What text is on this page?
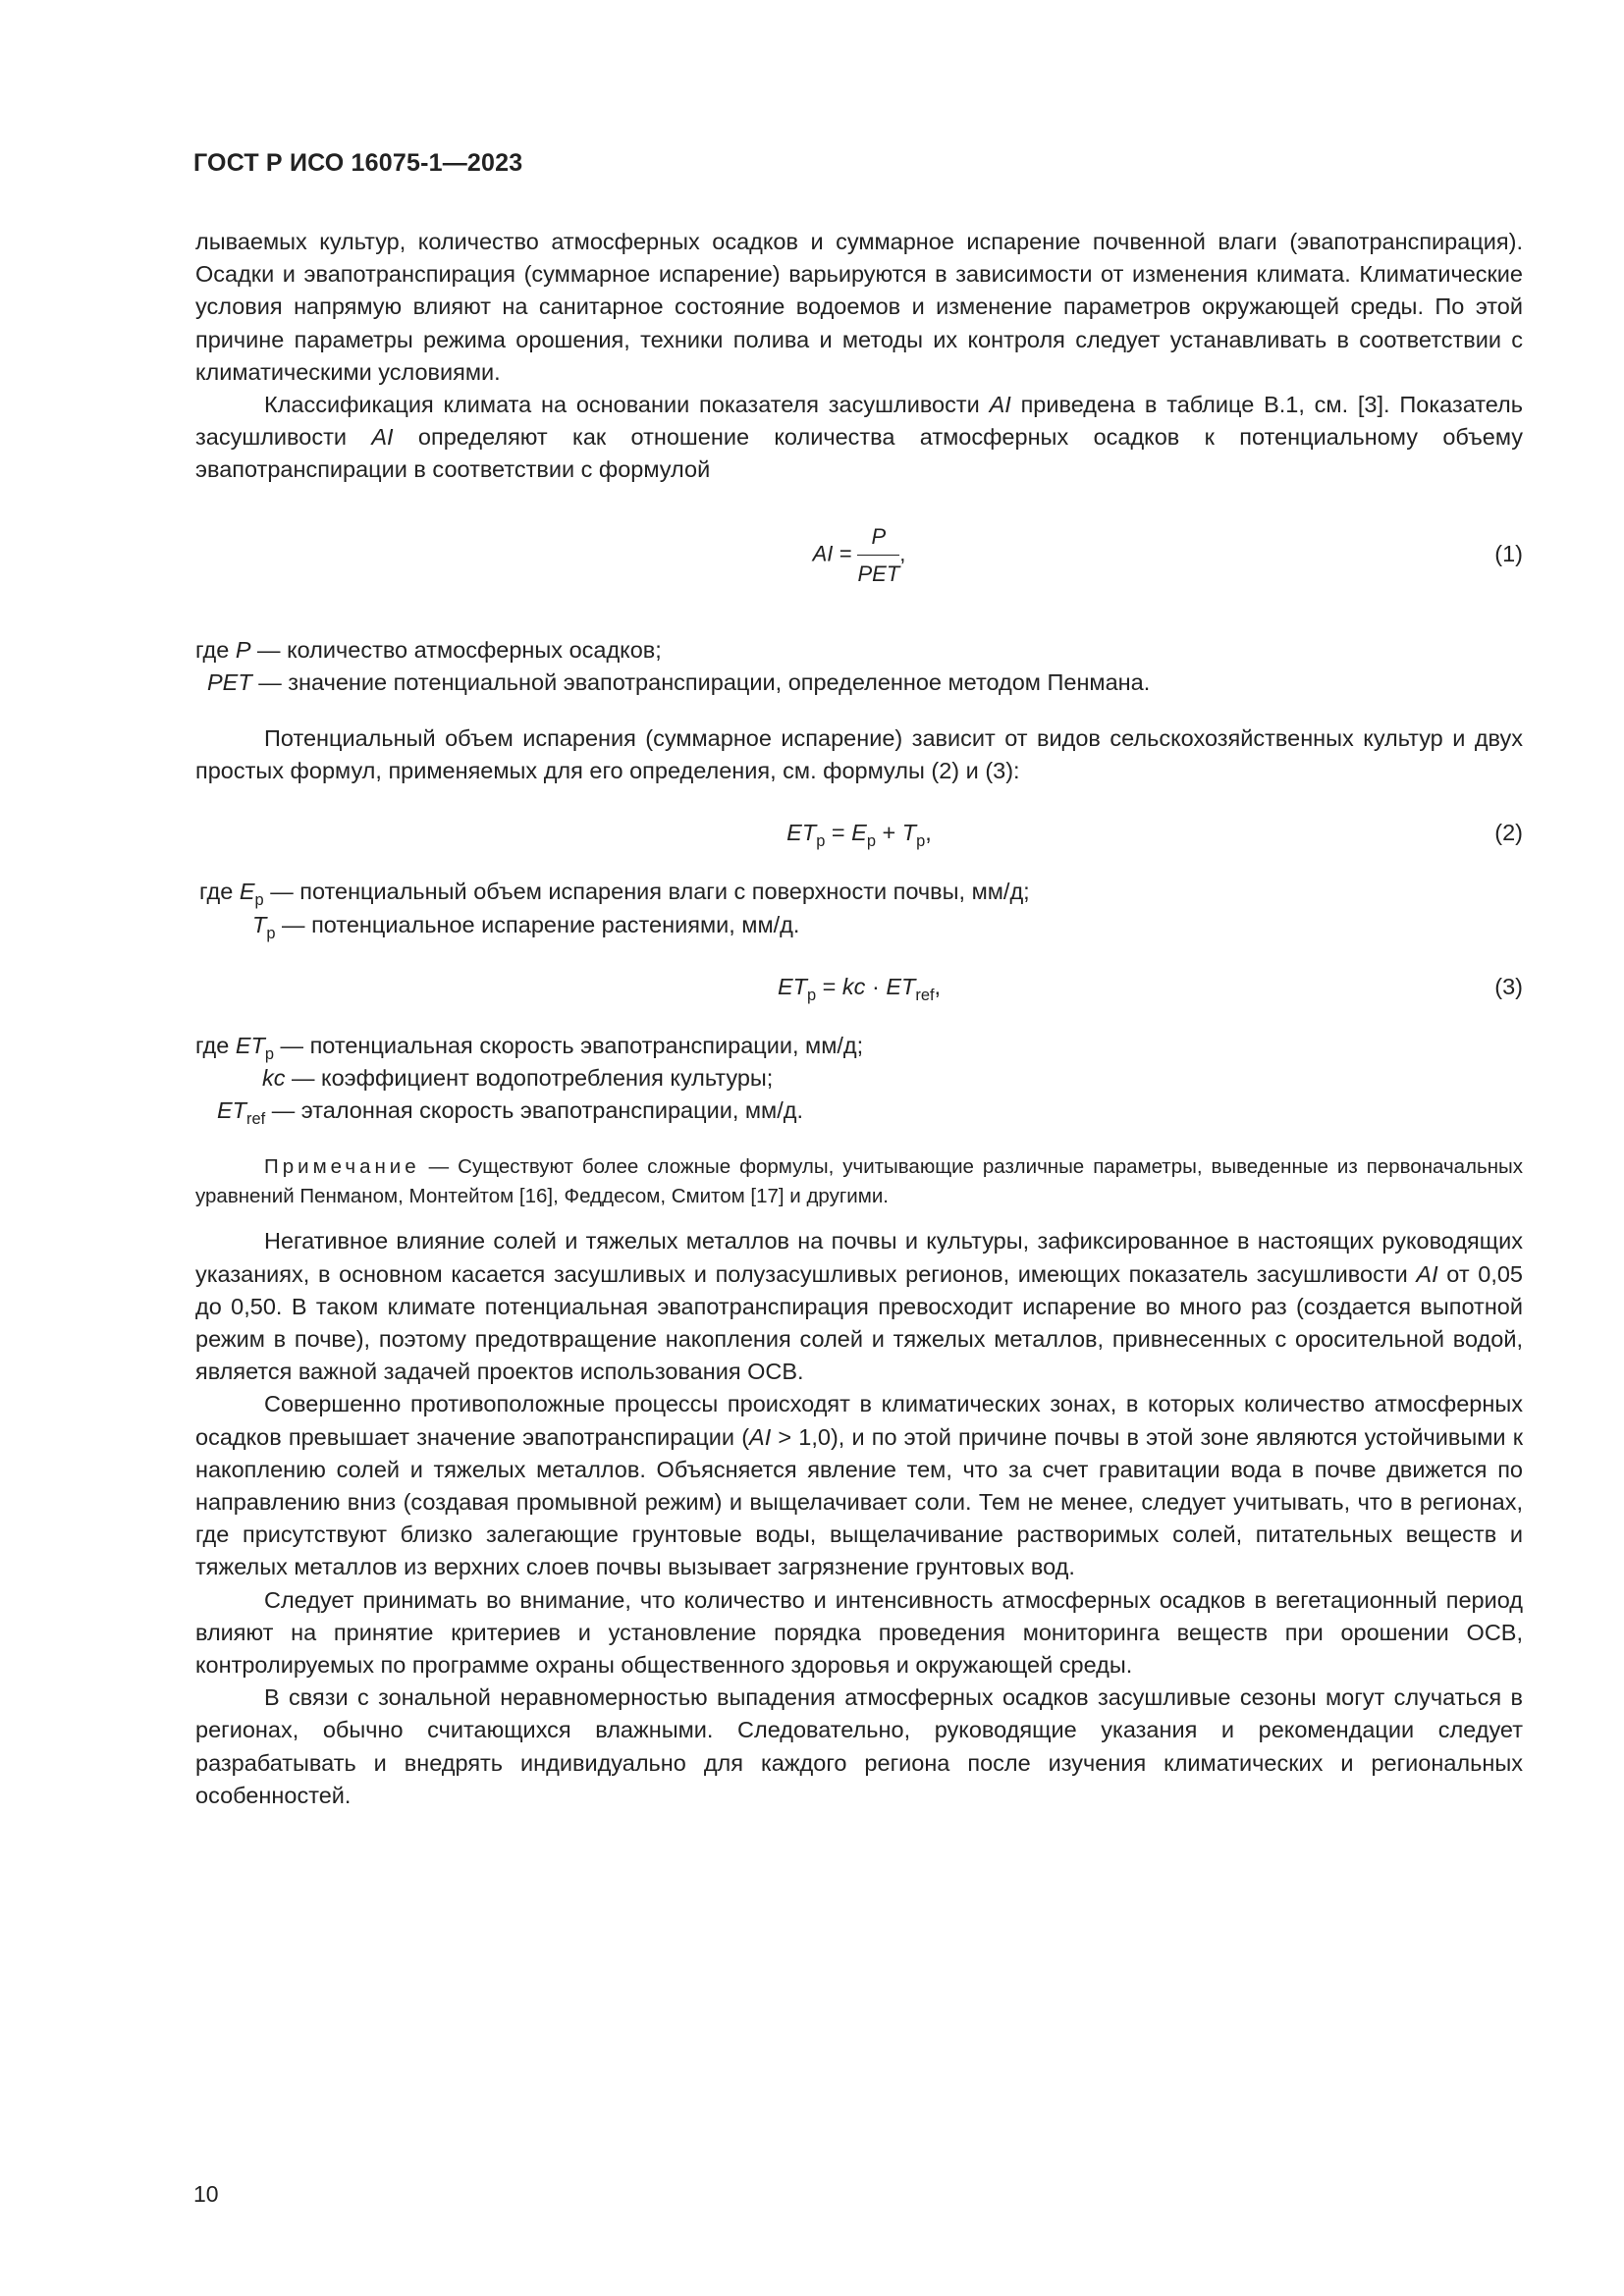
ГОСТ Р ИСО 16075-1—2023

лываемых культур, количество атмосферных осадков и суммарное испарение почвенной влаги (эвапотранспирация). Осадки и эвапотранспирация (суммарное испарение) варьируются в зависимости от изменения климата. Климатические условия напрямую влияют на санитарное состояние водоемов и изменение параметров окружающей среды. По этой причине параметры режима орошения, техники полива и методы их контроля следует устанавливать в соответствии с климатическими условиями.

Классификация климата на основании показателя засушливости AI приведена в таблице B.1, см. [3]. Показатель засушливости AI определяют как отношение количества атмосферных осадков к потенциальному объему эвапотранспирации в соответствии с формулой

AI = $\frac{P}{\text{PET}}$ ,	(1)
где P — количество атмосферных осадков;
PET — значение потенциальной эвапотранспирации, определенное методом Пенмана.

Потенциальный объем испарения (суммарное испарение) зависит от видов сельскохозяйственных культур и двух простых формул, применяемых для его определения, см. формулы (2) и (3):

$ET_p = E_p + T_p$,	(2)
где $E_p$ — потенциальный объем испарения влаги с поверхности почвы, мм/д;
$T_p$ — потенциальное испарение растениями, мм/д.
$ET_p$ = kc · $ET_{ref}$,	(3)
где $ET_p$ — потенциальная скорость эвапотранспирации, мм/д;
kc — коэффициент водопотребления культуры;
$ET_{ref}$ — эталонная скорость эвапотранспирации, мм/д.

Примечание — Существуют более сложные формулы, учитывающие различные параметры, выведенные из первоначальных уравнений Пенманом, Монтейтом [16], Феддесом, Смитом [17] и другими.

Негативное влияние солей и тяжелых металлов на почвы и культуры, зафиксированное в настоящих руководящих указаниях, в основном касается засушливых и полузасушливых регионов, имеющих показатель засушливости AI от 0,05 до 0,50. В таком климате потенциальная эвапотранспирация превосходит испарение во много раз (создается выпотной режим в почве), поэтому предотвращение накопления солей и тяжелых металлов, привнесенных с оросительной водой, является важной задачей проектов использования ОСВ.

Совершенно противоположные процессы происходят в климатических зонах, в которых количество атмосферных осадков превышает значение эвапотранспирации (AI > 1,0), и по этой причине почвы в этой зоне являются устойчивыми к накоплению солей и тяжелых металлов. Объясняется явление тем, что за счет гравитации вода в почве движется по направлению вниз (создавая промывной режим) и выщелачивает соли. Тем не менее, следует учитывать, что в регионах, где присутствуют близко залегающие грунтовые воды, выщелачивание растворимых солей, питательных веществ и тяжелых металлов из верхних слоев почвы вызывает загрязнение грунтовых вод.

Следует принимать во внимание, что количество и интенсивность атмосферных осадков в вегетационный период влияют на принятие критериев и установление порядка проведения мониторинга веществ при орошении ОСВ, контролируемых по программе охраны общественного здоровья и окружающей среды.

В связи с зональной неравномерностью выпадения атмосферных осадков засушливые сезоны могут случаться в регионах, обычно считающихся влажными. Следовательно, руководящие указания и рекомендации следует разрабатывать и внедрять индивидуально для каждого региона после изучения климатических и региональных особенностей.

10
